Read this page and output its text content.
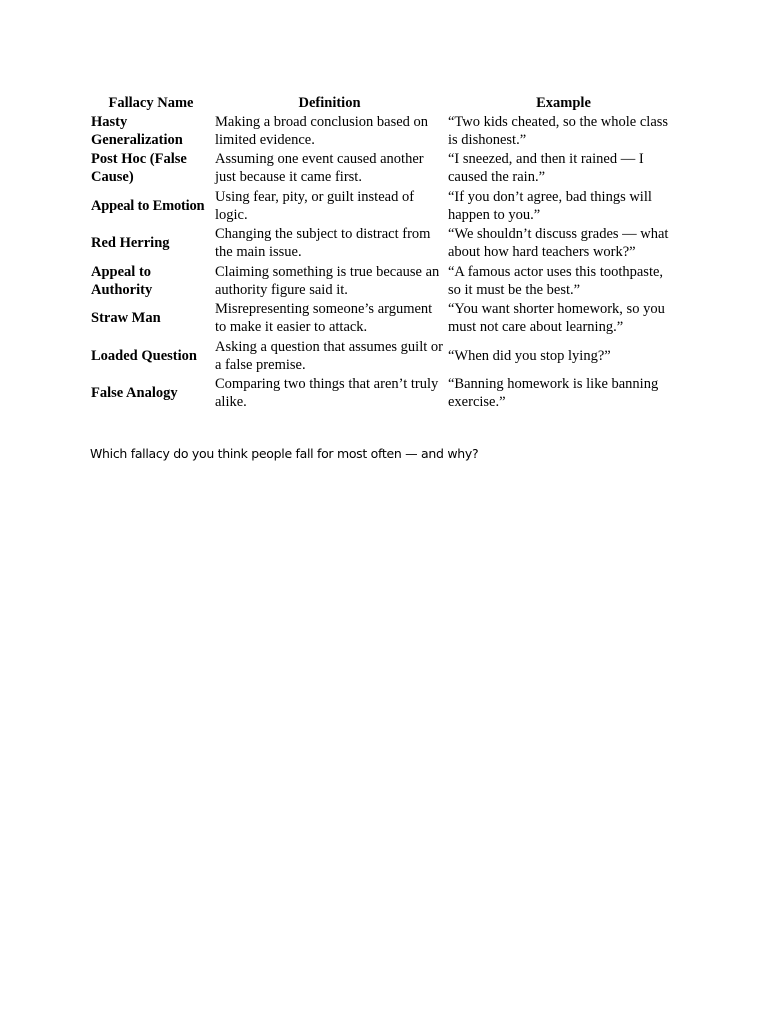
Fallacy Name	Definition	Example
Hasty Generalization	Making a broad conclusion based on limited evidence.	“Two kids cheated, so the whole class is dishonest.”
Post Hoc (False Cause)	Assuming one event caused another just because it came first.	“I sneezed, and then it rained — I caused the rain.”
Appeal to Emotion	Using fear, pity, or guilt instead of logic.	“If you don’t agree, bad things will happen to you.”
Red Herring	Changing the subject to distract from the main issue.	“We shouldn’t discuss grades — what about how hard teachers work?”
Appeal to Authority	Claiming something is true because an authority figure said it.	“A famous actor uses this toothpaste, so it must be the best.”
Straw Man	Misrepresenting someone’s argument to make it easier to attack.	“You want shorter homework, so you must not care about learning.”
Loaded Question	Asking a question that assumes guilt or a false premise.	“When did you stop lying?”
False Analogy	Comparing two things that aren’t truly alike.	“Banning homework is like banning exercise.”

Which fallacy do you think people fall for most often — and why?
